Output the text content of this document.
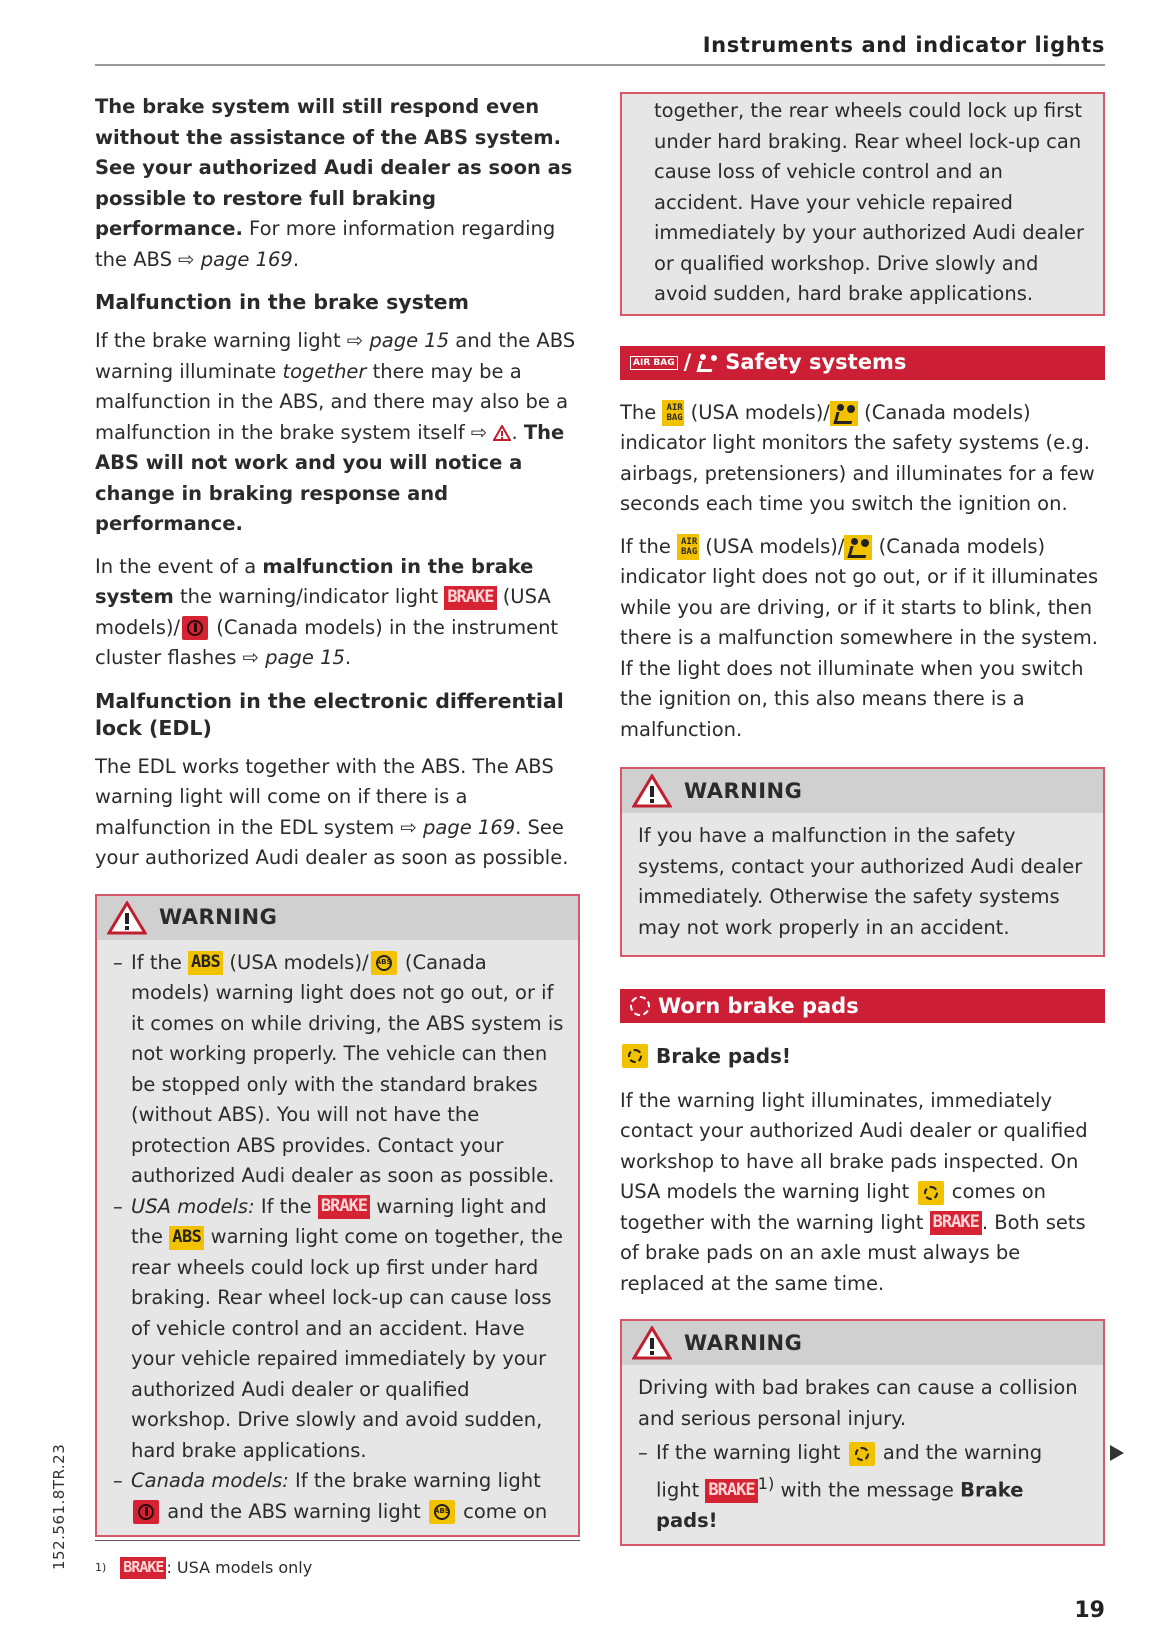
Instruments and indicator lights

The brake system will still respond even without the assistance of the ABS system. See your authorized Audi dealer as soon as possible to restore full braking performance. For more information regarding the ABS ⇨ page 169.

Malfunction in the brake system

If the brake warning light ⇨ page 15 and the ABS warning illuminate together there may be a malfunction in the ABS, and there may also be a malfunction in the brake system itself ⇨ . The ABS will not work and you will notice a change in braking response and performance.

In the event of a malfunction in the brake system the warning/indicator light BRAKE (USA models)/
(Canada models) in the instrument cluster flashes ⇨ page 15.

Malfunction in the electronic differential lock (EDL)

The EDL works together with the ABS. The ABS warning light will come on if there is a malfunction in the EDL system ⇨ page 169. See your authorized Audi dealer as soon as possible.

WARNING
– If the ABS (USA models)/	ABS (Canada models) warning light does not go out, or if it comes on while driving, the ABS system is not working properly. The vehicle can then be stopped only with the standard brakes (without ABS). You will not have the protection ABS provides. Contact your authorized Audi dealer as soon as possible.
– USA models: If the BRAKE warning light and the ABS warning light come on together, the rear wheels could lock up first under hard braking. Rear wheel lock-up can cause loss of vehicle control and an accident. Have your vehicle repaired immediately by your authorized Audi dealer or qualified workshop. Drive slowly and avoid sudden, hard brake applications.
– Canada models: If the brake warning light
and the ABS warning light	ABS come on

together, the rear wheels could lock up first under hard braking. Rear wheel lock-up can cause loss of vehicle control and an accident. Have your vehicle repaired immediately by your authorized Audi dealer or qualified workshop. Drive slowly and avoid sudden, hard brake applications.

AIR BAG / Safety systems

The AIR BAG (USA models)/
(Canada models) indicator light monitors the safety systems (e.g. airbags, pretensioners) and illuminates for a few seconds each time you switch the ignition on.

If the AIR BAG (USA models)/
(Canada models) indicator light does not go out, or if it illuminates while you are driving, or if it starts to blink, then there is a malfunction somewhere in the system. If the light does not illuminate when you switch the ignition on, this also means there is a malfunction.

WARNING

If you have a malfunction in the safety systems, contact your authorized Audi dealer immediately. Otherwise the safety systems may not work properly in an accident.

Worn brake pads
Brake pads!

If the warning light illuminates, immediately contact your authorized Audi dealer or qualified workshop to have all brake pads inspected. On USA models the warning light
comes on together with the warning light BRAKE . Both sets of brake pads on an axle must always be replaced at the same time.

WARNING

Driving with bad brakes can cause a collision and serious personal injury.

– If the warning light
and the warning light BRAKE $^{1)}$ with the message Brake pads!
1) BRAKE : USA models only
152.561.8TR.23
19
